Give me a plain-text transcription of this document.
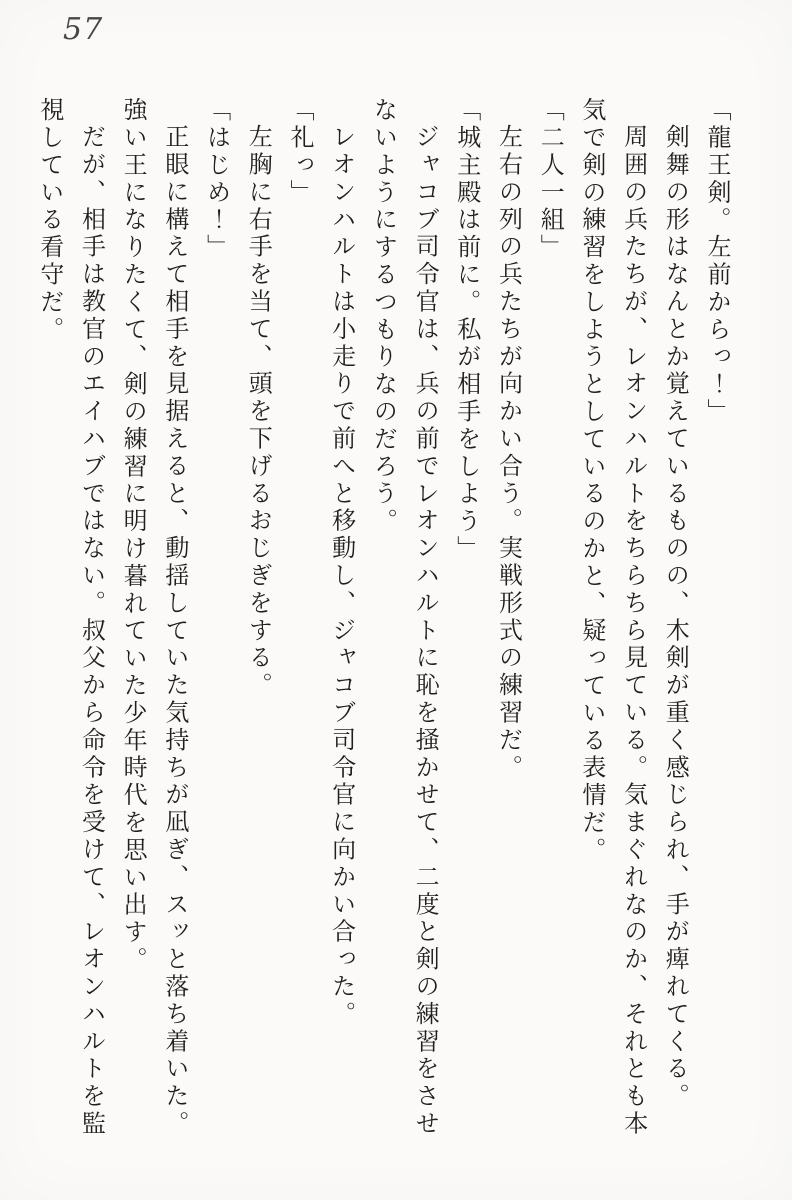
57

「龍王剣。左前からっ！」

剣舞の形はなんとか覚えているものの、木剣が重く感じられ、手が痺れてくる。

周囲の兵たちが、レオンハルトをちらちら見ている。気まぐれなのか、それとも本気で剣の練習をしようとしているのかと、疑っている表情だ。

「二人一組」

左右の列の兵たちが向かい合う。実戦形式の練習だ。

「城主殿は前に。私が相手をしよう」

ジャコブ司令官は、兵の前でレオンハルトに恥を掻かせて、二度と剣の練習をさせないようにするつもりなのだろう。

レオンハルトは小走りで前へと移動し、ジャコブ司令官に向かい合った。

「礼っ」

左胸に右手を当て、頭を下げるおじぎをする。

「はじめ！」

正眼に構えて相手を見据えると、動揺していた気持ちが凪ぎ、スッと落ち着いた。

強い王になりたくて、剣の練習に明け暮れていた少年時代を思い出す。

だが、相手は教官のエイハブではない。叔父から命令を受けて、レオンハルトを監視している看守だ。
